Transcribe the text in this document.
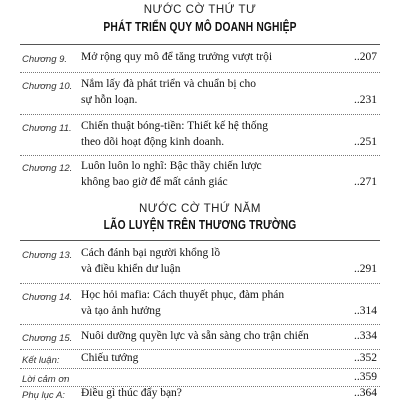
NƯỚC CỜ THỨ TƯ
PHÁT TRIỂN QUY MÔ DOANH NGHIỆP
Chương 9. Mở rộng quy mô để tăng trưởng vượt trội	..207
Chương 10. Nắm lấy đà phát triển và chuẩn bị cho
sự hỗn loạn.	..231
Chương 11. Chiến thuật bóng-tiền: Thiết kế hệ thống
theo dõi hoạt động kinh doanh.	..251
Chương 12. Luôn luôn lo nghĩ: Bậc thầy chiến lược
không bao giờ để mất cảnh giác	..271
NƯỚC CỜ THỨ NĂM
LÃO LUYỆN TRÊN THƯƠNG TRƯỜNG
Chương 13. Cách đánh bại người khổng lồ
và điều khiển dư luận	..291
Chương 14. Học hỏi mafia: Cách thuyết phục, đàm phán
và tạo ảnh hưởng	..314
Chương 15. Nuôi dưỡng quyền lực và sẵn sàng cho trận chiến	..334
Kết luận: Chiếu tướng	..352
Lời cảm ơn	..359
Phụ lục A: Điều gì thúc đẩy bạn?	..364
